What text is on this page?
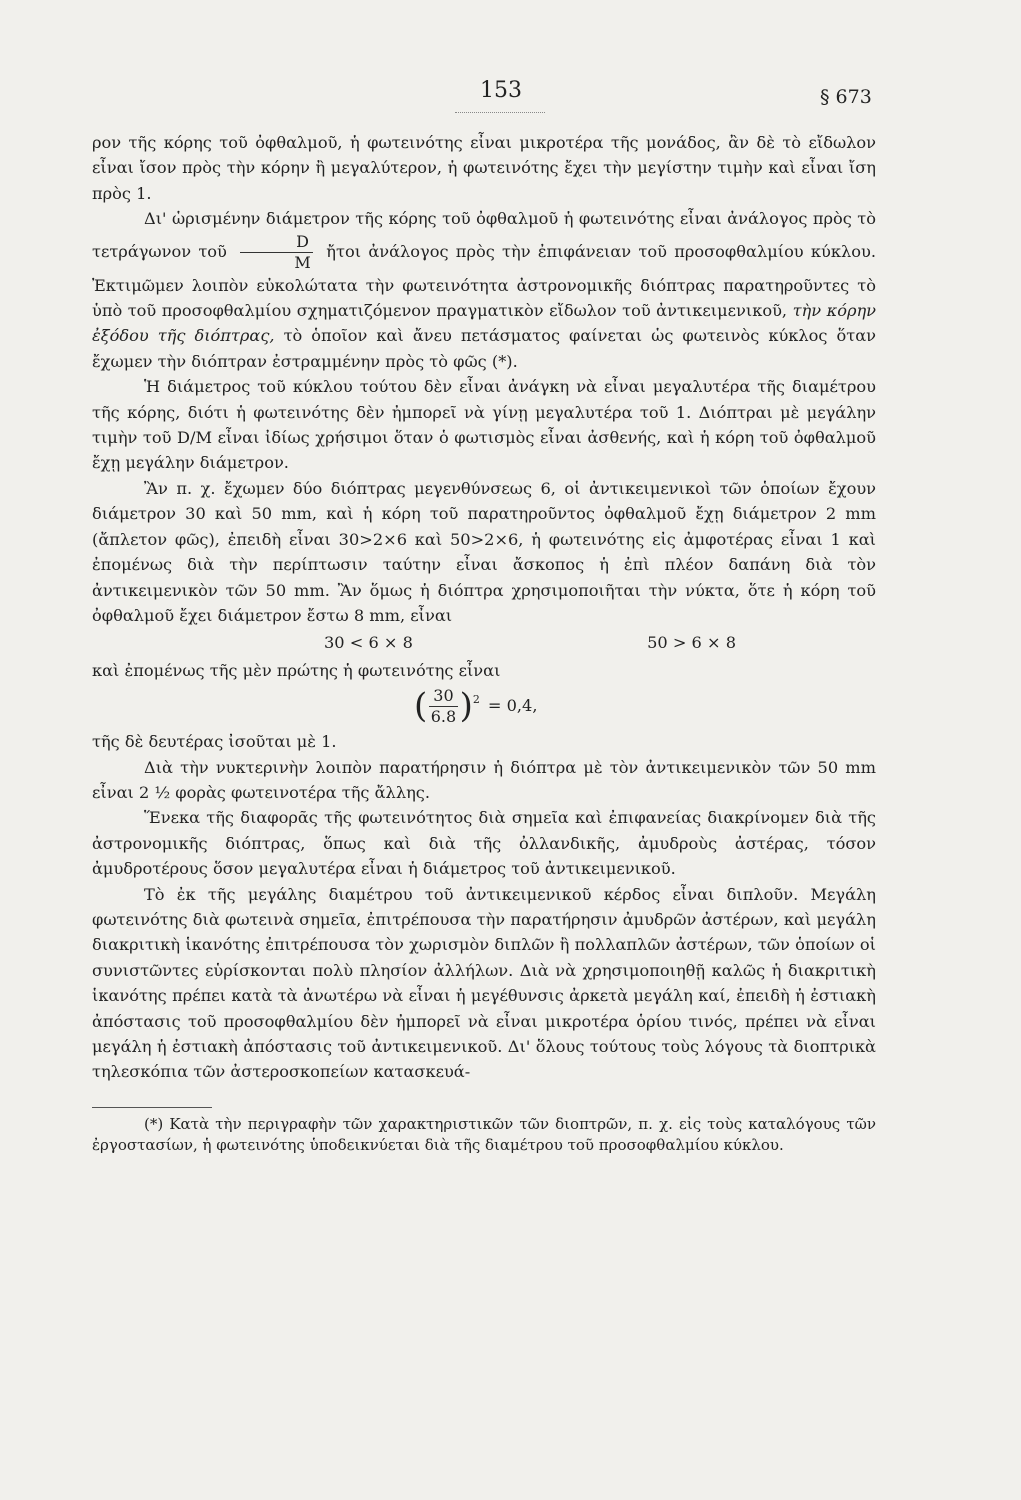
153	§ 673

ρον τῆς κόρης τοῦ ὀφθαλμοῦ, ἡ φωτεινότης εἶναι μικροτέρα τῆς μονάδος, ἂν δὲ τὸ εἴδωλον εἶναι ἴσον πρὸς τὴν κόρην ἢ μεγαλύτερον, ἡ φωτεινότης ἔχει τὴν μεγίστην τιμὴν καὶ εἶναι ἴση πρὸς 1.

Δι' ὡρισμένην διάμετρον τῆς κόρης τοῦ ὀφθαλμοῦ ἡ φωτεινότης εἶναι ἀνάλογος πρὸς τὸ τετράγωνον τοῦ $\frac{D}{M}$ ἤτοι ἀνάλογος πρὸς τὴν ἐπιφάνειαν τοῦ προσοφθαλμίου κύκλου. Ἐκτιμῶμεν λοιπὸν εὐκολώτατα τὴν φωτεινότητα ἀστρονομικῆς διόπτρας παρατηροῦντες τὸ ὑπὸ τοῦ προσοφθαλμίου σχηματιζόμενον πραγματικὸν εἴδωλον τοῦ ἀντικειμενικοῦ, τὴν κόρην ἐξόδου τῆς διόπτρας, τὸ ὁποῖον καὶ ἄνευ πετάσματος φαίνεται ὡς φωτεινὸς κύκλος ὅταν ἔχωμεν τὴν διόπτραν ἐστραμμένην πρὸς τὸ φῶς (*).

Ἡ διάμετρος τοῦ κύκλου τούτου δὲν εἶναι ἀνάγκη νὰ εἶναι μεγαλυτέρα τῆς διαμέτρου τῆς κόρης, διότι ἡ φωτεινότης δὲν ἠμπορεῖ νὰ γίνῃ μεγαλυτέρα τοῦ 1. Διόπτραι μὲ μεγάλην τιμὴν τοῦ D/M εἶναι ἰδίως χρήσιμοι ὅταν ὁ φωτισμὸς εἶναι ἀσθενής, καὶ ἡ κόρη τοῦ ὀφθαλμοῦ ἔχῃ μεγάλην διάμετρον.

Ἂν π. χ. ἔχωμεν δύο διόπτρας μεγενθύνσεως 6, οἱ ἀντικειμενικοὶ τῶν ὁποίων ἔχουν διάμετρον 30 καὶ 50 mm, καὶ ἡ κόρη τοῦ παρατηροῦντος ὀφθαλμοῦ ἔχῃ διάμετρον 2 mm (ἄπλετον φῶς), ἐπειδὴ εἶναι 30>2×6 καὶ 50>2×6, ἡ φωτεινότης εἰς ἀμφοτέρας εἶναι 1 καὶ ἐπομένως διὰ τὴν περίπτωσιν ταύτην εἶναι ἄσκοπος ἡ ἐπὶ πλέον δαπάνη διὰ τὸν ἀντικειμενικὸν τῶν 50 mm. Ἂν ὅμως ἡ διόπτρα χρησιμοποιῆται τὴν νύκτα, ὅτε ἡ κόρη τοῦ ὀφθαλμοῦ ἔχει διάμετρον ἔστω 8 mm, εἶναι

30 < 6 × 8	50 > 6 × 8

καὶ ἐπομένως τῆς μὲν πρώτης ἡ φωτεινότης εἶναι

( $\frac{30}{6.8} )^2 = 0,4$,

τῆς δὲ δευτέρας ἰσοῦται μὲ 1.

Διὰ τὴν νυκτερινὴν λοιπὸν παρατήρησιν ἡ διόπτρα μὲ τὸν ἀντικειμενικὸν τῶν 50 mm εἶναι 2 ½ φορὰς φωτεινοτέρα τῆς ἄλλης.

Ἕνεκα τῆς διαφορᾶς τῆς φωτεινότητος διὰ σημεῖα καὶ ἐπιφανείας διακρίνομεν διὰ τῆς ἀστρονομικῆς διόπτρας, ὅπως καὶ διὰ τῆς ὀλλανδικῆς, ἀμυδροὺς ἀστέρας, τόσον ἀμυδροτέρους ὅσον μεγαλυτέρα εἶναι ἡ διάμετρος τοῦ ἀντικειμενικοῦ.

Τὸ ἐκ τῆς μεγάλης διαμέτρου τοῦ ἀντικειμενικοῦ κέρδος εἶναι διπλοῦν. Μεγάλη φωτεινότης διὰ φωτεινὰ σημεῖα, ἐπιτρέπουσα τὴν παρατήρησιν ἀμυδρῶν ἀστέρων, καὶ μεγάλη διακριτικὴ ἱκανότης ἐπιτρέπουσα τὸν χωρισμὸν διπλῶν ἢ πολλαπλῶν ἀστέρων, τῶν ὁποίων οἱ συνιστῶντες εὑρίσκονται πολὺ πλησίον ἀλλήλων. Διὰ νὰ χρησιμοποιηθῇ καλῶς ἡ διακριτικὴ ἱκανότης πρέπει κατὰ τὰ ἀνωτέρω νὰ εἶναι ἡ μεγέθυνσις ἀρκετὰ μεγάλη καί, ἐπειδὴ ἡ ἐστιακὴ ἀπόστασις τοῦ προσοφθαλμίου δὲν ἠμπορεῖ νὰ εἶναι μικροτέρα ὁρίου τινός, πρέπει νὰ εἶναι μεγάλη ἡ ἐστιακὴ ἀπόστασις τοῦ ἀντικειμενικοῦ. Δι' ὅλους τούτους τοὺς λόγους τὰ διοπτρικὰ τηλεσκόπια τῶν ἀστεροσκοπείων κατασκευά-

(*) Κατὰ τὴν περιγραφὴν τῶν χαρακτηριστικῶν τῶν διοπτρῶν, π. χ. εἰς τοὺς καταλόγους τῶν ἐργοστασίων, ἡ φωτεινότης ὑποδεικνύεται διὰ τῆς διαμέτρου τοῦ προσοφθαλμίου κύκλου.
